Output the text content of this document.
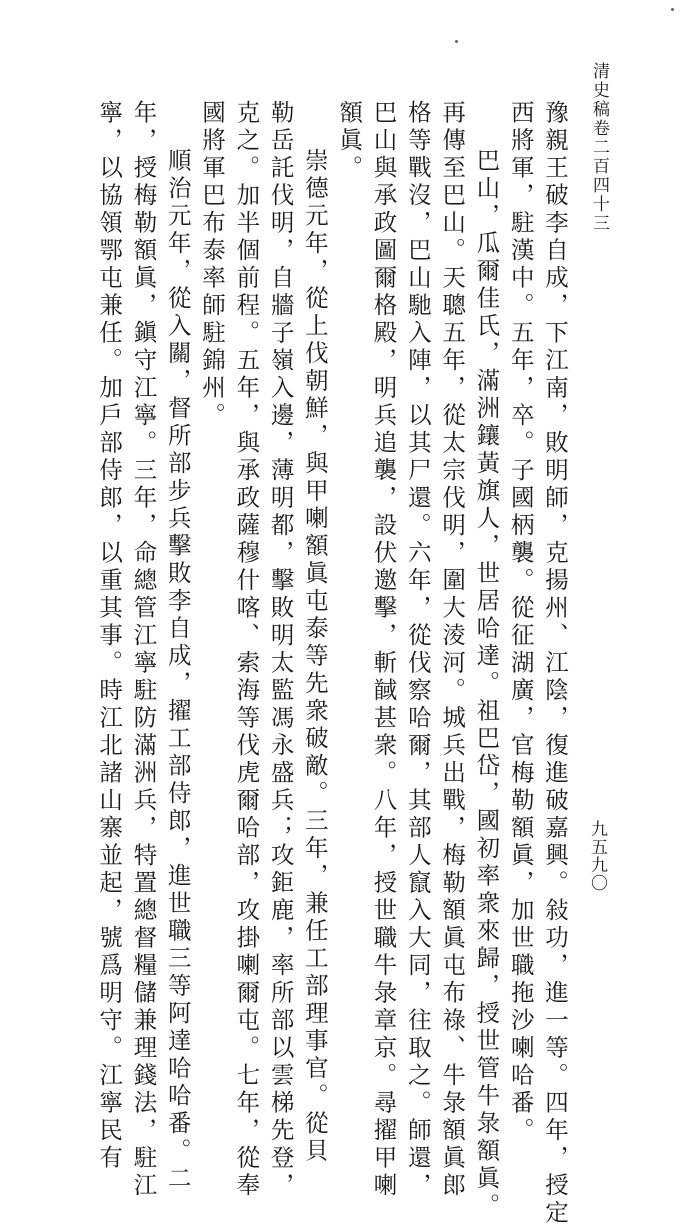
清史稿卷二百四十三
九五九〇
豫親王破李自成，下江南，敗明師，克揚州、江陰，復進破嘉興。敍功，進一等。四年，授定
西將軍，駐漢中。五年，卒。子國柄襲。從征湖廣，官梅勒額眞，加世職拖沙喇哈番。
巴山，瓜爾佳氏，滿洲鑲黃旗人，世居哈達。祖巴岱，國初率衆來歸，授世管牛彔額眞。
再傳至巴山。天聰五年，從太宗伐明，圍大淩河。城兵出戰，梅勒額眞屯布祿、牛彔額眞郎
格等戰沒，巴山馳入陣，以其尸還。六年，從伐察哈爾，其部人竄入大同，往取之。師還，
巴山與承政圖爾格殿，明兵追襲，設伏邀擊，斬馘甚衆。八年，授世職牛彔章京。尋擢甲喇
額眞。
崇德元年，從上伐朝鮮，與甲喇額眞屯泰等先衆破敵。三年，兼任工部理事官。從貝
勒岳託伐明，自牆子嶺入邊，薄明都，擊敗明太監馮永盛兵；攻鉅鹿，率所部以雲梯先登，
克之。加半個前程。五年，與承政薩穆什喀、索海等伐虎爾哈部，攻掛喇爾屯。七年，從奉
國將軍巴布泰率師駐錦州。
順治元年，從入關，督所部步兵擊敗李自成，擢工部侍郎，進世職三等阿達哈哈番。二
年，授梅勒額眞，鎭守江寧。三年，命總管江寧駐防滿洲兵，特置總督糧儲兼理錢法，駐江
寧，以協領鄂屯兼任。加戶部侍郎，以重其事。時江北諸山寨並起，號爲明守。江寧民有
